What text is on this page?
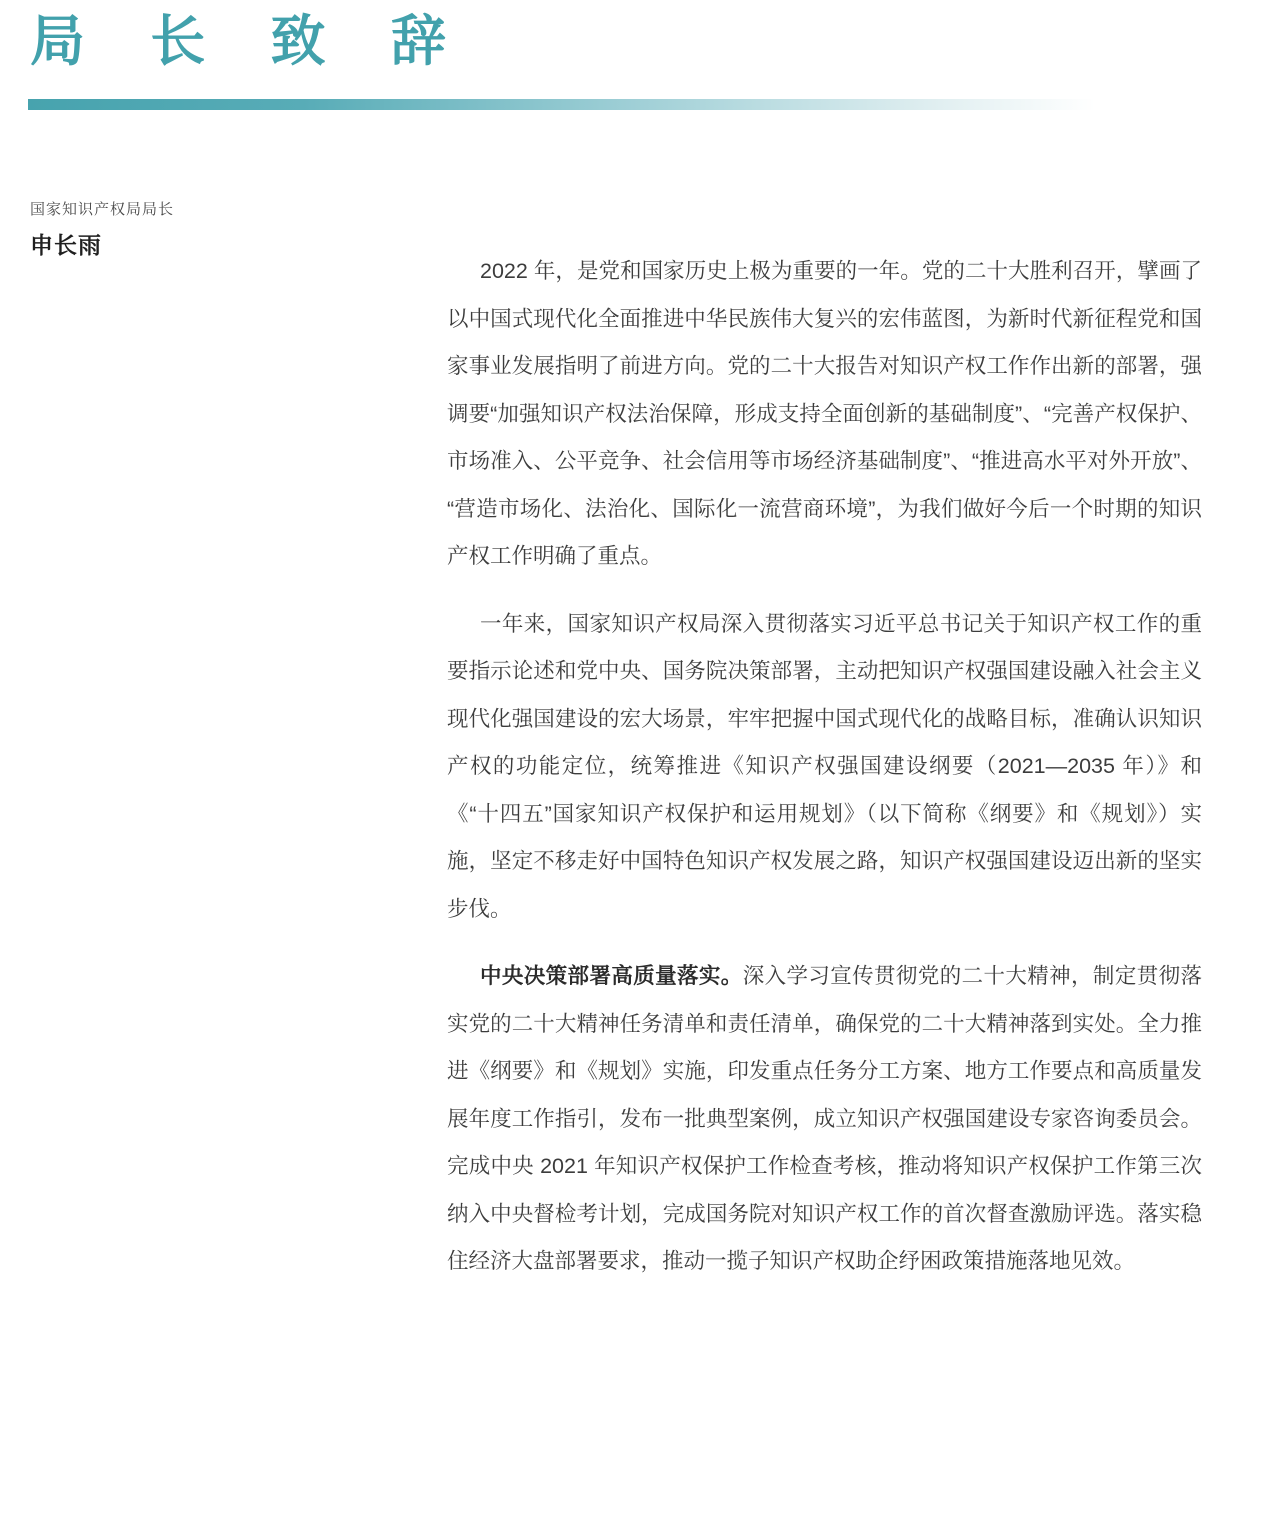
局 长 致 辞
国家知识产权局局长
申长雨

2022 年，是党和国家历史上极为重要的一年。党的二十大胜利召开，擘画了以中国式现代化全面推进中华民族伟大复兴的宏伟蓝图，为新时代新征程党和国家事业发展指明了前进方向。党的二十大报告对知识产权工作作出新的部署，强调要“加强知识产权法治保障，形成支持全面创新的基础制度”、“完善产权保护、市场准入、公平竞争、社会信用等市场经济基础制度”、“推进高水平对外开放”、“营造市场化、法治化、国际化一流营商环境”，为我们做好今后一个时期的知识产权工作明确了重点。

一年来，国家知识产权局深入贯彻落实习近平总书记关于知识产权工作的重要指示论述和党中央、国务院决策部署，主动把知识产权强国建设融入社会主义现代化强国建设的宏大场景，牢牢把握中国式现代化的战略目标，准确认识知识产权的功能定位，统筹推进《知识产权强国建设纲要（2021—2035 年）》和《“十四五”国家知识产权保护和运用规划》（以下简称《纲要》和《规划》）实施，坚定不移走好中国特色知识产权发展之路，知识产权强国建设迈出新的坚实步伐。

中央决策部署高质量落实。深入学习宣传贯彻党的二十大精神，制定贯彻落实党的二十大精神任务清单和责任清单，确保党的二十大精神落到实处。全力推进《纲要》和《规划》实施，印发重点任务分工方案、地方工作要点和高质量发展年度工作指引，发布一批典型案例，成立知识产权强国建设专家咨询委员会。完成中央 2021 年知识产权保护工作检查考核，推动将知识产权保护工作第三次纳入中央督检考计划，完成国务院对知识产权工作的首次督查激励评选。落实稳住经济大盘部署要求，推动一揽子知识产权助企纾困政策措施落地见效。
